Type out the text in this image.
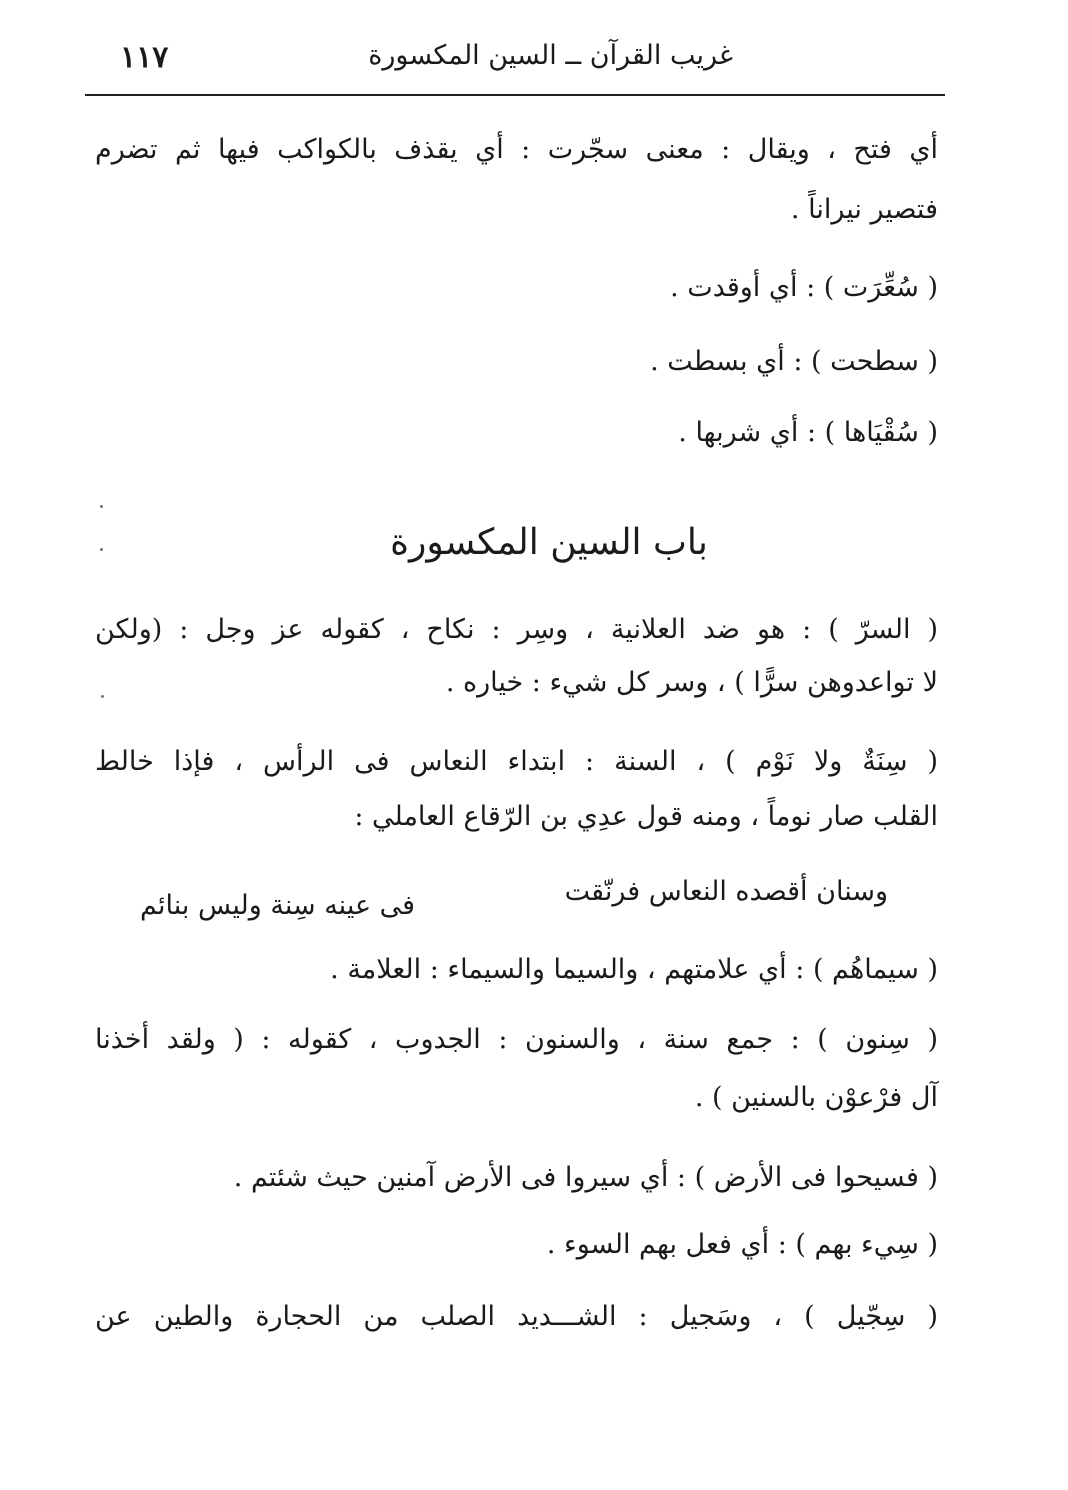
غريب القرآن ــ السين المكسورة
١١٧
أي فتح ، ويقال : معنى سجّرت : أي يقذف بالكواكب فيها ثم تضرم
فتصير نيراناً .
( سُعِّرَت ) : أي أوقدت .
( سطحت ) : أي بسطت .
( سُقْيَاها ) : أي شربها .
باب السين المكسورة
( السرّ ) : هو ضد العلانية ، وسِر : نكاح ، كقوله عز وجل : (ولكن
لا تواعدوهن سرًّا ) ، وسر كل شيء : خياره .
( سِنَةٌ ولا نَوْم ) ، السنة : ابتداء النعاس فى الرأس ، فإذا خالط
القلب صار نوماً ، ومنه قول عدِي بن الرّقاع العاملي :
وسنان أقصده النعاس فرنّقت
فى عينه سِنة وليس بنائم
( سيماهُم ) : أي علامتهم ، والسيما والسيماء : العلامة .
( سِنون ) : جمع سنة ، والسنون : الجدوب ، كقوله : ( ولقد أخذنا
آل فرْعوْن بالسنين ) .
( فسيحوا فى الأرض ) : أي سيروا فى الأرض آمنين حيث شئتم .
( سِيء بهم ) : أي فعل بهم السوء .
( سِجّيل ) ، وسَجيل : الشـــديد الصلب من الحجارة والطين عن
